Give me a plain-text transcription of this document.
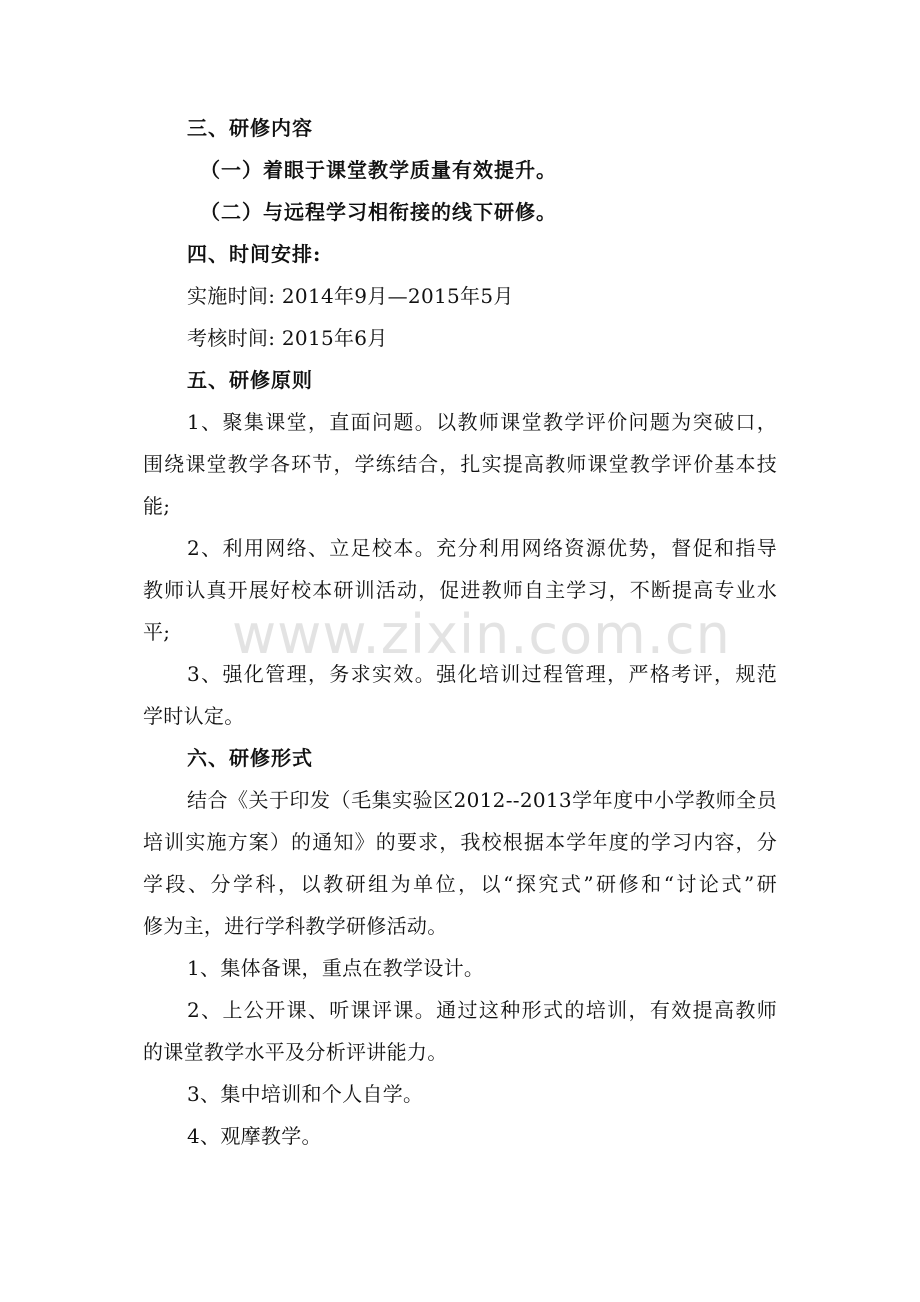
三、研修内容
（一）着眼于课堂教学质量有效提升。
（二）与远程学习相衔接的线下研修。
四、时间安排:
实施时间: 2014年9月—2015年5月
考核时间: 2015年6月
五、研修原则
1、聚集课堂，直面问题。以教师课堂教学评价问题为突破口，
围绕课堂教学各环节，学练结合，扎实提高教师课堂教学评价基本技
能;
2、利用网络、立足校本。充分利用网络资源优势，督促和指导
教师认真开展好校本研训活动，促进教师自主学习，不断提高专业水
平;
3、强化管理，务求实效。强化培训过程管理，严格考评，规范
学时认定。
六、研修形式
结合《关于印发（毛集实验区2012--2013学年度中小学教师全员
培训实施方案）的通知》的要求，我校根据本学年度的学习内容，分
学段、分学科，以教研组为单位，以“探究式”研修和“讨论式”研
修为主，进行学科教学研修活动。
1、集体备课，重点在教学设计。
2、上公开课、听课评课。通过这种形式的培训，有效提高教师
的课堂教学水平及分析评讲能力。
3、集中培训和个人自学。
4、观摩教学。
www.zixin.com.cn
